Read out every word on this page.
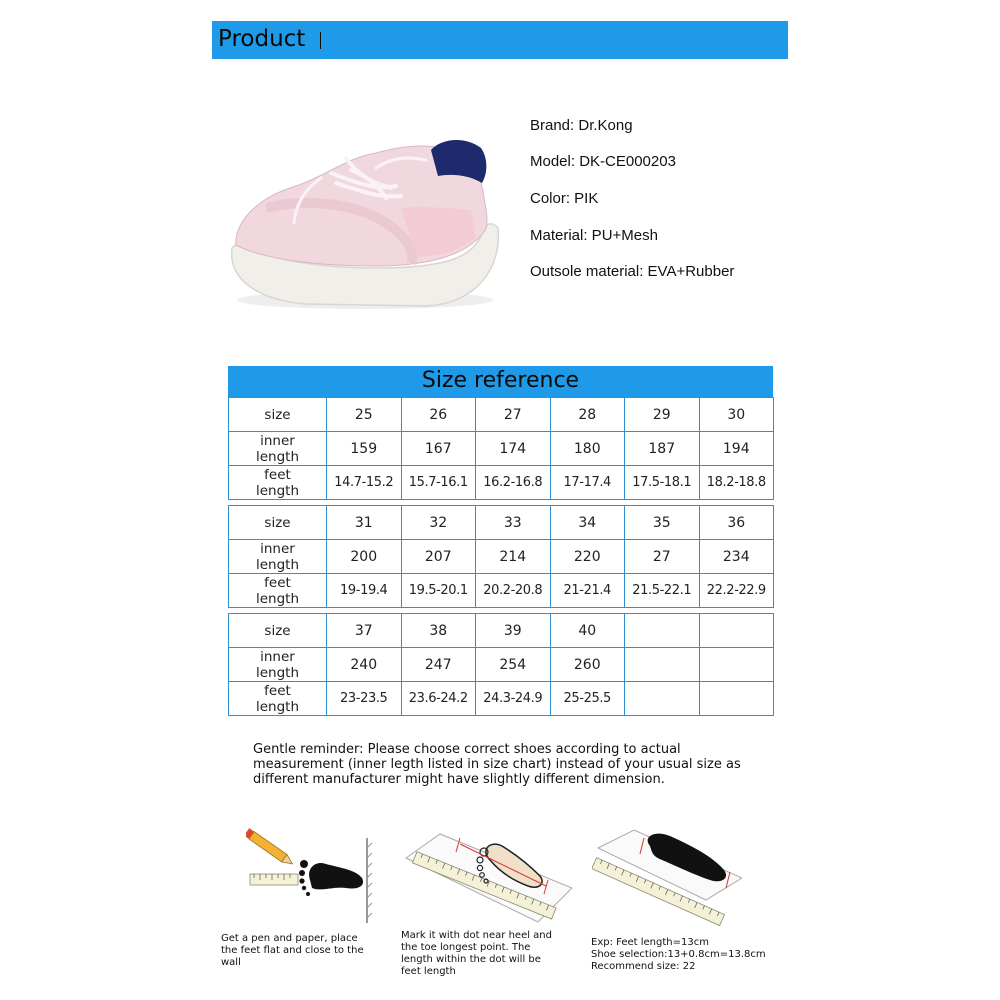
Product
Brand: Dr.Kong
Model: DK-CE000203
Color: PIK
Material: PU+Mesh
Outsole material: EVA+Rubber
Size reference
size	25	26	27	28	29	30
inner
length	159	167	174	180	187	194
feet
length	14.7-15.2	15.7-16.1	16.2-16.8	17-17.4	17.5-18.1	18.2-18.8
size	31	32	33	34	35	36
inner
length	200	207	214	220	27	234
feet
length	19-19.4	19.5-20.1	20.2-20.8	21-21.4	21.5-22.1	22.2-22.9
size	37	38	39	40		
inner
length	240	247	254	260		
feet
length	23-23.5	23.6-24.2	24.3-24.9	25-25.5		
Gentle reminder: Please choose correct shoes according to actual measurement (inner legth listed in size chart) instead of your usual size as different manufacturer might have slightly different dimension.
Get a pen and paper, place
the feet flat and close to the
wall
Mark it with dot near heel and
the toe longest point. The
length within the dot will be
feet length
Exp: Feet length=13cm
Shoe selection:13+0.8cm=13.8cm
Recommend size: 22
